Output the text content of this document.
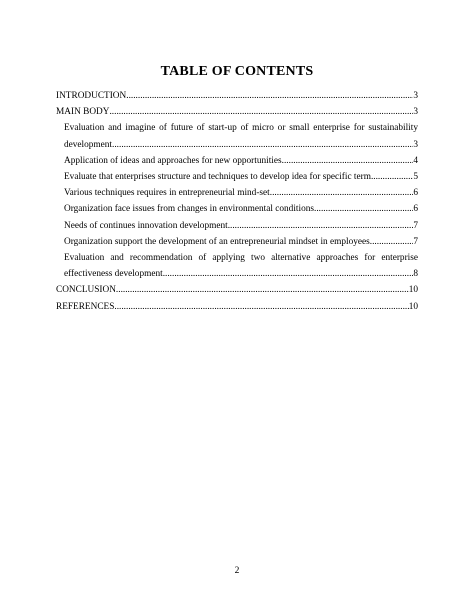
TABLE OF CONTENTS
INTRODUCTION .....	3
MAIN BODY .....	3
Evaluation and imagine of future of start-up of micro or small enterprise for sustainability
development .....	3
Application of ideas and approaches for new opportunities .....	4
Evaluate that enterprises structure and techniques to develop idea for specific term .....	5
Various techniques requires in entrepreneurial mind-set .....	6
Organization face issues from changes in environmental conditions .....	6
Needs of continues innovation development .....	7
Organization support the development of an entrepreneurial mindset in employees .....	7
Evaluation and recommendation of applying two alternative approaches for enterprise
effectiveness development .....	8
CONCLUSION .....	10
REFERENCES .....	10
2
